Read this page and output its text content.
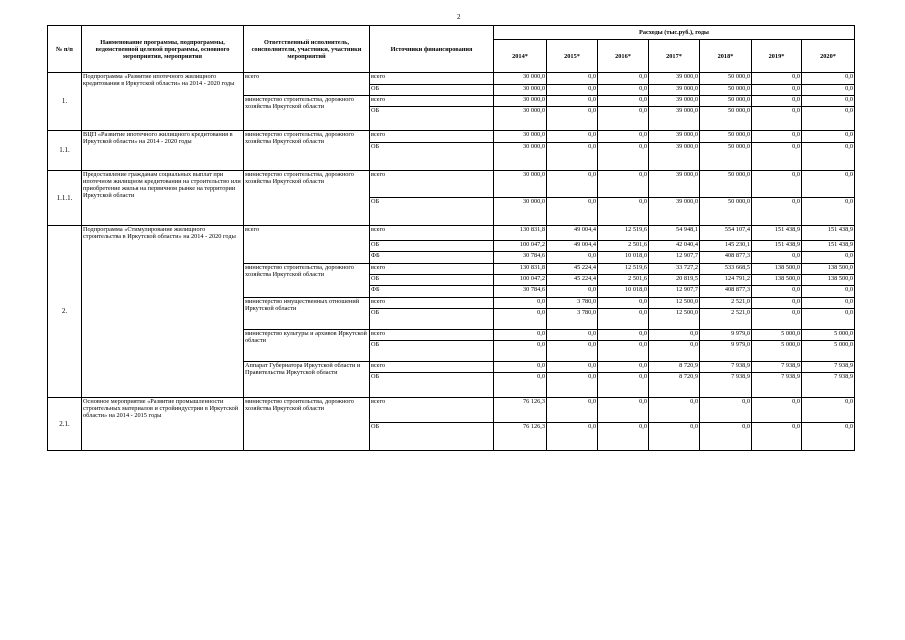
2
№ п/п	Наименование программы, подпрограммы, ведомственной целевой программы, основного мероприятия, мероприятия	Ответственный исполнитель, соисполнители, участники, участники мероприятий	Источники финансирования	Расходы (тыс.руб.), годы						
				2014*	2015*	2016*	2017*	2018*	2019*	2020*
1.	Подпрограмма «Развитие ипотечного жилищного кредитования в Иркутской области» на 2014 - 2020 годы	всего	всего	30 000,0	0,0	0,0	39 000,0	50 000,0	0,0	0,0
			ОБ	30 000,0	0,0	0,0	39 000,0	50 000,0	0,0	0,0
		министерство строительства, дорожного хозяйства Иркутской области	всего	30 000,0	0,0	0,0	39 000,0	50 000,0	0,0	0,0
			ОБ	30 000,0	0,0	0,0	39 000,0	50 000,0	0,0	0,0
1.1.	ВЦП «Развитие ипотечного жилищного кредитования в Иркутской области» на 2014 - 2020 годы	министерство строительства, дорожного хозяйства Иркутской области	всего	30 000,0	0,0	0,0	39 000,0	50 000,0	0,0	0,0
			ОБ	30 000,0	0,0	0,0	39 000,0	50 000,0	0,0	0,0
1.1.1.	Предоставление гражданам социальных выплат при ипотечном жилищном кредитовании на строительство или приобретение жилья на первичном рынке на территории Иркутской области	министерство строительства, дорожного хозяйства Иркутской области	всего	30 000,0	0,0	0,0	39 000,0	50 000,0	0,0	0,0
			ОБ	30 000,0	0,0	0,0	39 000,0	50 000,0	0,0	0,0
2.	Подпрограмма «Стимулирование жилищного строительства в Иркутской области» на 2014 - 2020 годы	всего	всего	130 831,8	49 004,4	12 519,6	54 948,1	554 107,4	151 438,9	151 438,9
			ОБ	100 047,2	49 004,4	2 501,6	42 040,4	145 230,1	151 438,9	151 438,9
			ФБ	30 784,6	0,0	10 018,0	12 907,7	408 877,3	0,0	0,0
		министерство строительства, дорожного хозяйства Иркутской области	всего	130 831,8	45 224,4	12 519,6	33 727,2	533 668,5	138 500,0	138 500,0
			ОБ	100 047,2	45 224,4	2 501,6	20 819,5	124 791,2	138 500,0	138 500,0
			ФБ	30 784,6	0,0	10 018,0	12 907,7	408 877,3	0,0	0,0
		министерство имущественных отношений Иркутской области	всего	0,0	3 780,0	0,0	12 500,0	2 521,0	0,0	0,0
			ОБ	0,0	3 780,0	0,0	12 500,0	2 521,0	0,0	0,0
		министерство культуры и архивов Иркутской области	всего	0,0	0,0	0,0	0,0	9 979,0	5 000,0	5 000,0
			ОБ	0,0	0,0	0,0	0,0	9 979,0	5 000,0	5 000,0
		Аппарат Губернатора Иркутской области и Правительства Иркутской области	всего	0,0	0,0	0,0	8 720,9	7 938,9	7 938,9	7 938,9
			ОБ	0,0	0,0	0,0	8 720,9	7 938,9	7 938,9	7 938,9
2.1.	Основное мероприятие «Развитие промышленности строительных материалов и стройиндустрии в Иркутской области» на 2014 - 2015 годы	министерство строительства, дорожного хозяйства Иркутской области	всего	76 126,3	0,0	0,0	0,0	0,0	0,0	0,0
			ОБ	76 126,3	0,0	0,0	0,0	0,0	0,0	0,0
